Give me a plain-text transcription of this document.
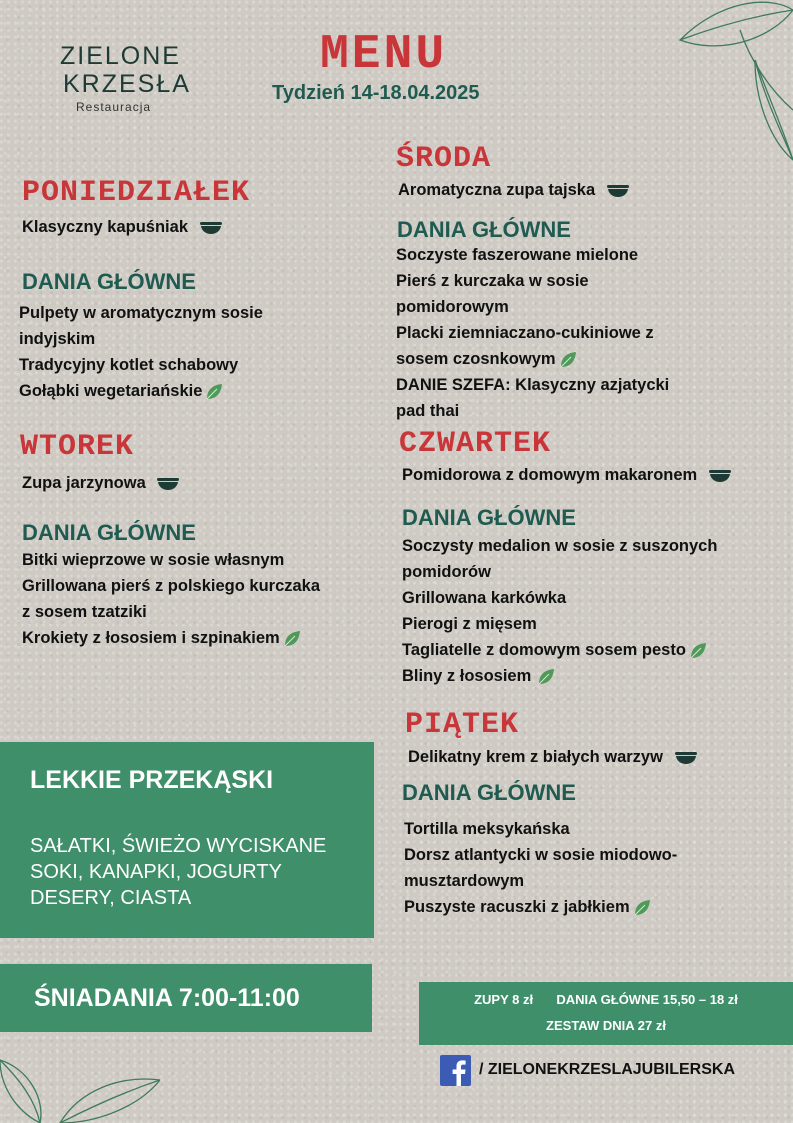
ZIELONE
KRZESŁA
Restauracja
MENU
Tydzień 14-18.04.2025
PONIEDZIAŁEK
Klasyczny kapuśniak
DANIA GŁÓWNE
Pulpety w aromatycznym sosie
indyjskim
Tradycyjny kotlet schabowy
Gołąbki wegetariańskie
WTOREK
Zupa jarzynowa
DANIA GŁÓWNE
Bitki wieprzowe w sosie własnym
Grillowana pierś z polskiego kurczaka
z sosem tzatziki
Krokiety z łososiem i szpinakiem
ŚRODA
Aromatyczna zupa tajska
DANIA GŁÓWNE
Soczyste faszerowane mielone
Pierś z kurczaka w sosie
pomidorowym
Placki ziemniaczano-cukiniowe z
sosem czosnkowym
DANIE SZEFA: Klasyczny azjatycki
pad thai
CZWARTEK
Pomidorowa z domowym makaronem
DANIA GŁÓWNE
Soczysty medalion w sosie z suszonych
pomidorów
Grillowana karkówka
Pierogi z mięsem
Tagliatelle z domowym sosem pesto
Bliny z łososiem
PIĄTEK
Delikatny krem z białych warzyw
DANIA GŁÓWNE
Tortilla meksykańska
Dorsz atlantycki w sosie miodowo-
musztardowym
Puszyste racuszki z jabłkiem
LEKKIE PRZEKĄSKI
SAŁATKI, ŚWIEŻO WYCISKANE
SOKI, KANAPKI, JOGURTY
DESERY, CIASTA
ŚNIADANIA 7:00-11:00	ZUPY 8 zł DANIA GŁÓWNE 15,50 – 18 zł
ZESTAW DNIA 27 zł
/ ZIELONEKRZESLAJUBILERSKA
